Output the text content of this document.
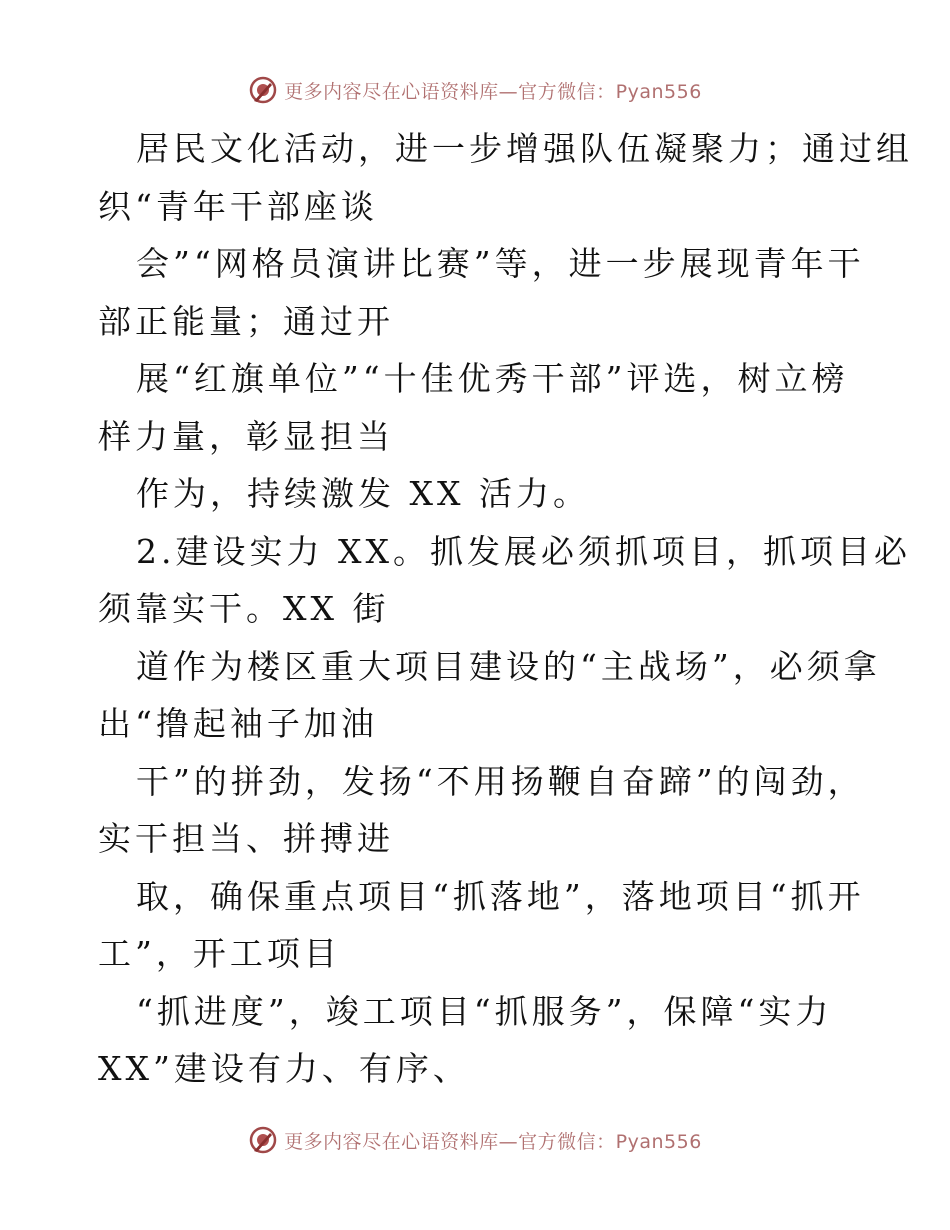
更多内容尽在心语资料库—官方微信：Pyan556

居民文化活动，进一步增强队伍凝聚力；通过组
织“青年干部座谈

会”“网格员演讲比赛”等，进一步展现青年干
部正能量；通过开

展“红旗单位”“十佳优秀干部”评选，树立榜
样力量，彰显担当

作为，持续激发 XX 活力。

2.建设实力 XX。抓发展必须抓项目，抓项目必
须靠实干。XX 街

道作为楼区重大项目建设的“主战场”，必须拿
出“撸起袖子加油

干”的拼劲，发扬“不用扬鞭自奋蹄”的闯劲，
实干担当、拼搏进

取，确保重点项目“抓落地”，落地项目“抓开
工”，开工项目

“抓进度”，竣工项目“抓服务”，保障“实力
XX”建设有力、有序、

更多内容尽在心语资料库—官方微信：Pyan556
